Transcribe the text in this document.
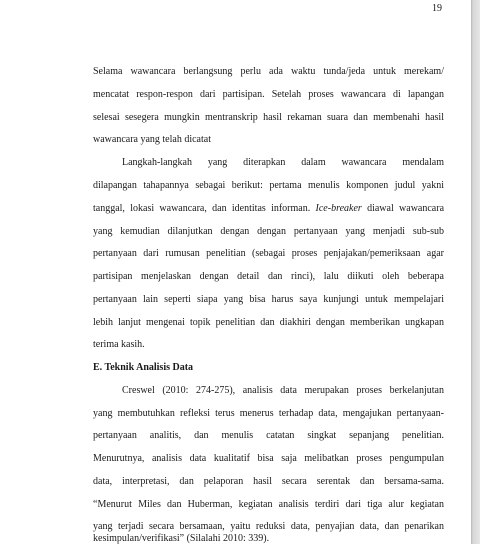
19
Selama wawancara berlangsung perlu ada waktu tunda/jeda untuk merekam/
mencatat respon-respon dari partisipan. Setelah proses wawancara di lapangan
selesai sesegera mungkin mentranskrip hasil rekaman suara dan membenahi hasil
wawancara yang telah dicatat
Langkah-langkah yang diterapkan dalam wawancara mendalam
dilapangan tahapannya sebagai berikut: pertama menulis komponen judul yakni
tanggal, lokasi wawancara, dan identitas informan. Ice-breaker diawal wawancara
yang kemudian dilanjutkan dengan dengan pertanyaan yang menjadi sub-sub
pertanyaan dari rumusan penelitian (sebagai proses penjajakan/pemeriksaan agar
partisipan menjelaskan dengan detail dan rinci), lalu diikuti oleh beberapa
pertanyaan lain seperti siapa yang bisa harus saya kunjungi untuk mempelajari
lebih lanjut mengenai topik penelitian dan diakhiri dengan memberikan ungkapan
terima kasih.
E. Teknik Analisis Data
Creswel (2010: 274-275), analisis data merupakan proses berkelanjutan
yang membutuhkan refleksi terus menerus terhadap data, mengajukan pertanyaan-
pertanyaan analitis, dan menulis catatan singkat sepanjang penelitian.
Menurutnya, analisis data kualitatif bisa saja melibatkan proses pengumpulan
data, interpretasi, dan pelaporan hasil secara serentak dan bersama-sama.
“Menurut Miles dan Huberman, kegiatan analisis terdiri dari tiga alur kegiatan
yang terjadi secara bersamaan, yaitu reduksi data, penyajian data, dan penarikan
kesimpulan/verifikasi” (Silalahi 2010: 339).
